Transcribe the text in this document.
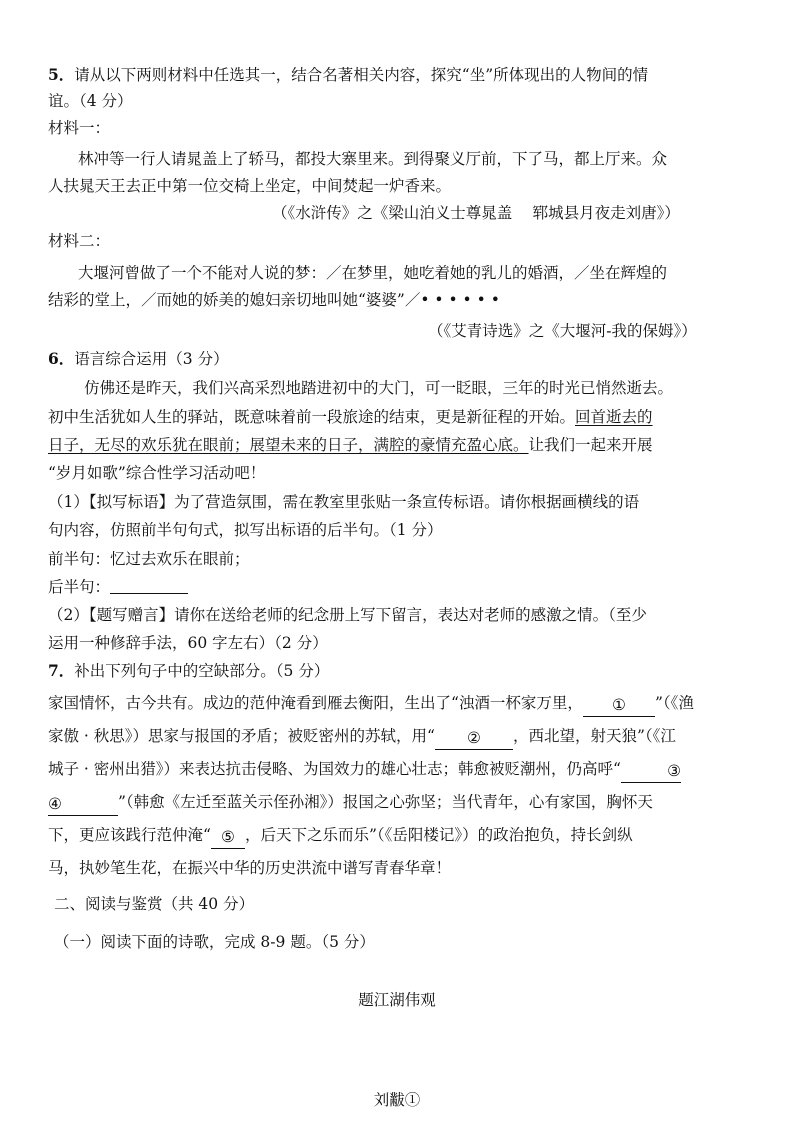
5．请从以下两则材料中任选其一，结合名著相关内容，探究“坐”所体现出的人物间的情
谊。（4 分）
材料一：
林冲等一行人请晁盖上了轿马，都投大寨里来。到得聚义厅前，下了马，都上厅来。众
人扶晁天王去正中第一位交椅上坐定，中间焚起一炉香来。
（《水浒传》之《梁山泊义士尊晁盖　 郓城县月夜走刘唐》）
材料二：
大堰河曾做了一个不能对人说的梦：／在梦里，她吃着她的乳儿的婚酒，／坐在辉煌的
结彩的堂上，／而她的娇美的媳妇亲切地叫她“婆婆”／• • • • • •
（《艾青诗选》之《大堰河-我的保姆》）
6．语言综合运用（3 分）
仿佛还是昨天，我们兴高采烈地踏进初中的大门，可一眨眼，三年的时光已悄然逝去。
初中生活犹如人生的驿站，既意味着前一段旅途的结束，更是新征程的开始。回首逝去的
日子，无尽的欢乐犹在眼前；展望未来的日子，满腔的豪情充盈心底。让我们一起来开展
“岁月如歌”综合性学习活动吧！
（1）【拟写标语】为了营造氛围，需在教室里张贴一条宣传标语。请你根据画横线的语
句内容，仿照前半句句式，拟写出标语的后半句。（1 分）
前半句：忆过去欢乐在眼前；
后半句：
（2）【题写赠言】请你在送给老师的纪念册上写下留言，表达对老师的感激之情。（至少
运用一种修辞手法，60 字左右）（2 分）
7．补出下列句子中的空缺部分。（5 分）
家国情怀，古今共有。成边的范仲淹看到雁去衡阳，生出了“浊酒一杯家万里， ① ”（《渔
家傲 · 秋思》）思家与报国的矛盾；被贬密州的苏轼，用“ ② ，西北望，射天狼”（《江
城子 · 密州出猎》）来表达抗击侵略、为国效力的雄心壮志；韩愈被贬潮州，仍高呼“	③
④	”（韩愈《左迁至蓝关示侄孙湘》）报国之心弥坚；当代青年，心有家国，胸怀天
下，更应该践行范仲淹“ ⑤ ，后天下之乐而乐”（《岳阳楼记》）的政治抱负，持长剑纵
马，执妙笔生花，在振兴中华的历史洪流中谱写青春华章！
二、阅读与鉴赏（共 40 分）
（一）阅读下面的诗歌，完成 8-9 题。（5 分）
题江湖伟观
刘黻①
